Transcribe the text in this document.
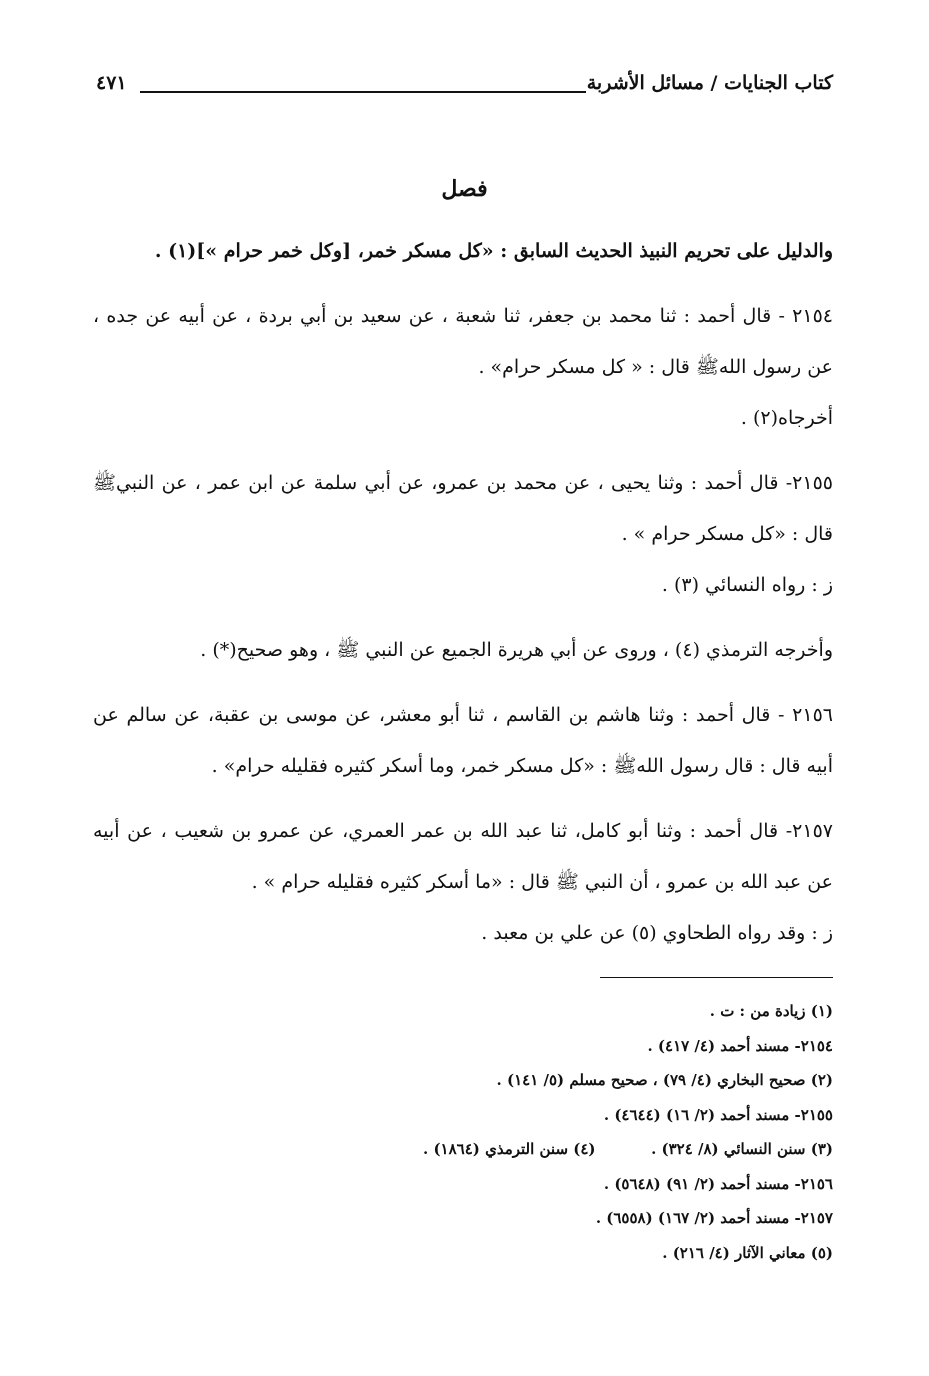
كتاب الجنايات / مسائل الأشربة
٤٧١
فصل

والدليل على تحريم النبيذ الحديث السابق : «كل مسكر خمر، [وكل خمر حرام »](١) .

٢١٥٤ - قال أحمد : ثنا محمد بن جعفر، ثنا شعبة ، عن سعيد بن أبي بردة ، عن أبيه عن جده ، عن رسول اللهﷺ قال : « كل مسكر حرام» .

أخرجاه(٢) .

٢١٥٥- قال أحمد : وثنا يحيى ، عن محمد بن عمرو، عن أبي سلمة عن ابن عمر ، عن النبيﷺ قال : «كل مسكر حرام » .

ز : رواه النسائي (٣) .

وأخرجه الترمذي (٤) ، وروى عن أبي هريرة الجميع عن النبي ﷺ ، وهو صحيح(*) .

٢١٥٦ - قال أحمد : وثنا هاشم بن القاسم ، ثنا أبو معشر، عن موسى بن عقبة، عن سالم عن أبيه قال : قال رسول اللهﷺ : «كل مسكر خمر، وما أسكر كثيره فقليله حرام» .

٢١٥٧- قال أحمد : وثنا أبو كامل، ثنا عبد الله بن عمر العمري، عن عمرو بن شعيب ، عن أبيه عن عبد الله بن عمرو ، أن النبي ﷺ قال : «ما أسكر كثيره فقليله حرام » .

ز : وقد رواه الطحاوي (٥) عن علي بن معبد .

(١) زيادة من : ت .
٢١٥٤- مسند أحمد (٤/ ٤١٧) .
(٢) صحيح البخاري (٤/ ٧٩) ، صحيح مسلم (٥/ ١٤١) .
٢١٥٥- مسند أحمد (٢/ ١٦) (٤٦٤٤) .
(٣) سنن النسائي (٨/ ٣٢٤) .
(٤) سنن الترمذي (١٨٦٤) .
٢١٥٦- مسند أحمد (٢/ ٩١) (٥٦٤٨) .
٢١٥٧- مسند أحمد (٢/ ١٦٧) (٦٥٥٨) .
(٥) معاني الآثار (٤/ ٢١٦) .
